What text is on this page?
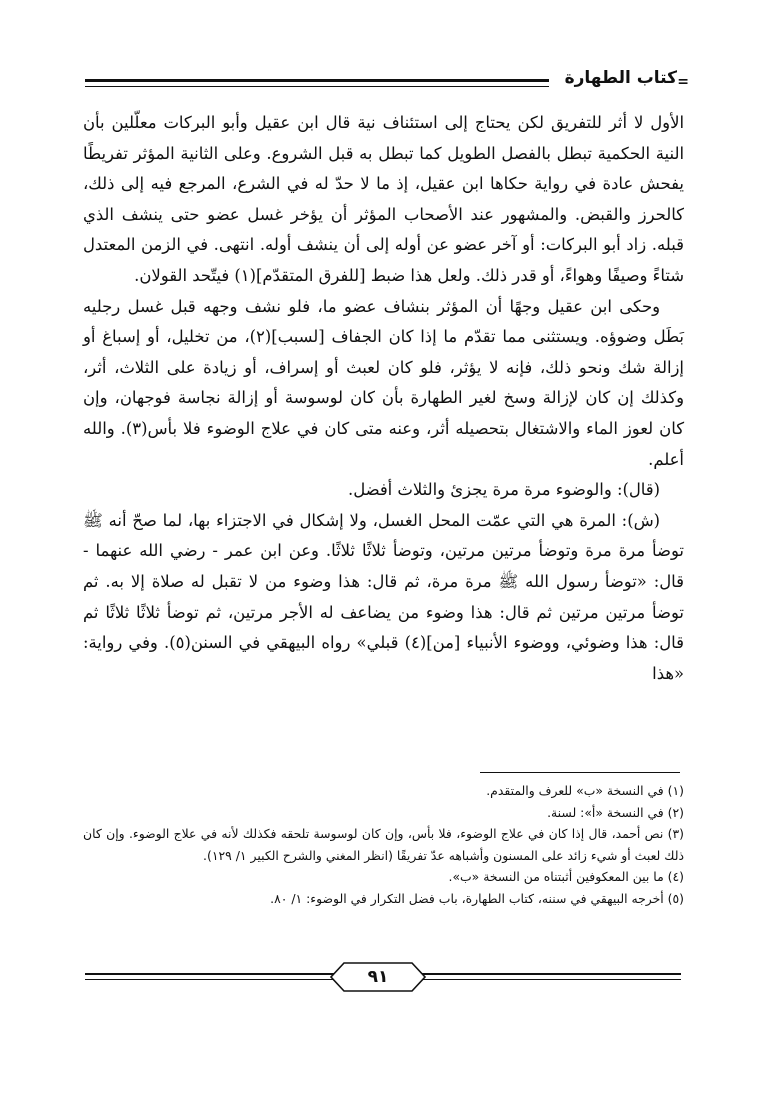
كتاب الطهارة =

الأول لا أثر للتفريق لكن يحتاج إلى استئناف نية قال ابن عقيل وأبو البركات معلّلين بأن النية الحكمية تبطل بالفصل الطويل كما تبطل به قبل الشروع. وعلى الثانية المؤثر تفريطًا يفحش عادة في رواية حكاها ابن عقيل، إذ ما لا حدّ له في الشرع، المرجع فيه إلى ذلك، كالحرز والقبض. والمشهور عند الأصحاب المؤثر أن يؤخر غسل عضو حتى ينشف الذي قبله. زاد أبو البركات: أو آخر عضو عن أوله إلى أن ينشف أوله. انتهى. في الزمن المعتدل شتاءً وصيفًا وهواءً، أو قدر ذلك. ولعل هذا ضبط [للفرق المتقدّم](١) فيتّحد القولان.

وحكى ابن عقيل وجهًا أن المؤثر بنشاف عضو ما، فلو نشف وجهه قبل غسل رجليه بَطَل وضوؤه. ويستثنى مما تقدّم ما إذا كان الجفاف [لسبب](٢)، من تخليل، أو إسباغ أو إزالة شك ونحو ذلك، فإنه لا يؤثر، فلو كان لعبث أو إسراف، أو زيادة على الثلاث، أثر، وكذلك إن كان لإزالة وسخ لغير الطهارة بأن كان لوسوسة أو إزالة نجاسة فوجهان، وإن كان لعوز الماء والاشتغال بتحصيله أثر، وعنه متى كان في علاج الوضوء فلا بأس(٣). والله أعلم.

(قال): والوضوء مرة مرة يجزئ والثلاث أفضل.

(ش): المرة هي التي عمّت المحل الغسل، ولا إشكال في الاجتزاء بها، لما صحّ أنه ﷺ توضأ مرة مرة وتوضأ مرتين مرتين، وتوضأ ثلاثًا ثلاثًا. وعن ابن عمر - رضي الله عنهما - قال: «توضأ رسول الله ﷺ مرة مرة، ثم قال: هذا وضوء من لا تقبل له صلاة إلا به. ثم توضأ مرتين مرتين ثم قال: هذا وضوء من يضاعف له الأجر مرتين، ثم توضأ ثلاثًا ثلاثًا ثم قال: هذا وضوئي، ووضوء الأنبياء [من](٤) قبلي» رواه البيهقي في السنن(٥). وفي رواية: «هذا

(١) في النسخة «ب» للعرف والمتقدم.

(٢) في النسخة «أ»: لسنة.

(٣) نص أحمد، قال إذا كان في علاج الوضوء، فلا بأس، وإن كان لوسوسة تلحقه فكذلك لأنه في علاج الوضوء. وإن كان ذلك لعبث أو شيء زائد على المسنون وأشباهه عدّ تفريقًا (انظر المغني والشرح الكبير ١/ ١٢٩).

(٤) ما بين المعكوفين أثبتناه من النسخة «ب».

(٥) أخرجه البيهقي في سننه، كتاب الطهارة، باب فضل التكرار في الوضوء: ١/ ٨٠.

٩١
